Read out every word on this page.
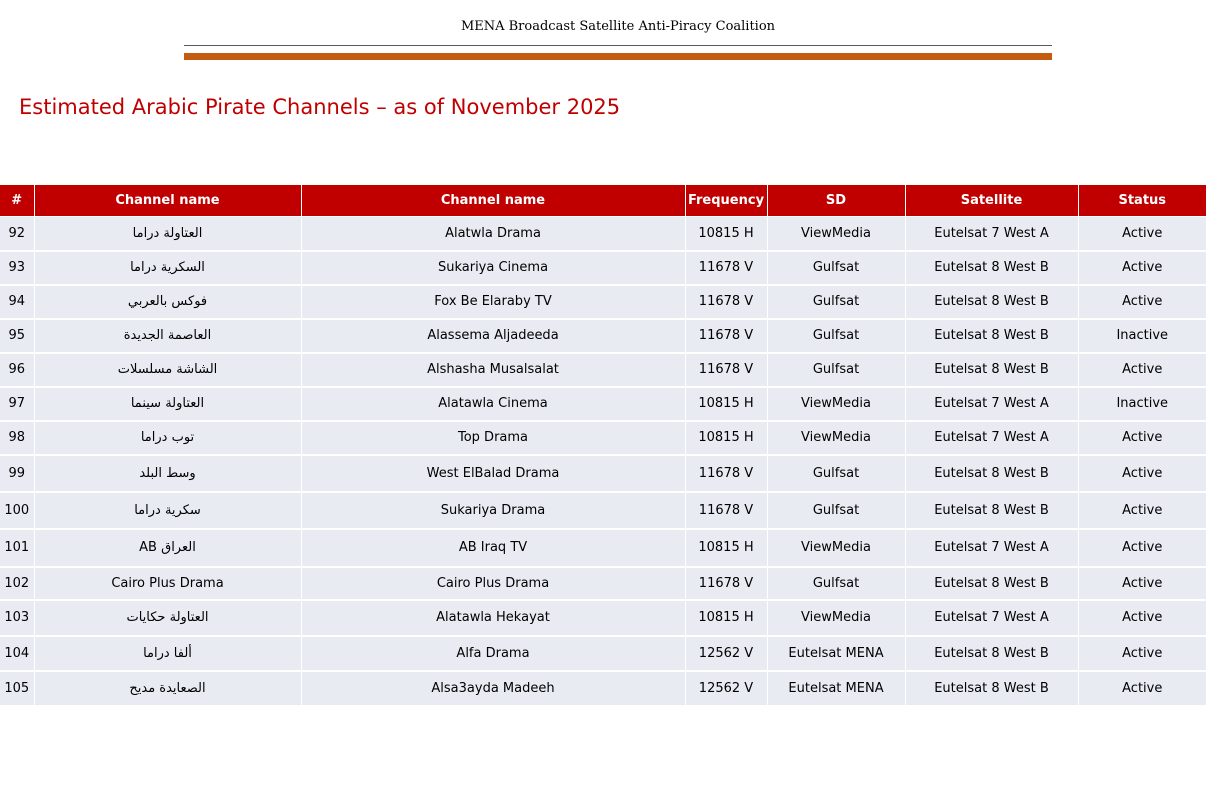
MENA Broadcast Satellite Anti-Piracy Coalition
Estimated Arabic Pirate Channels – as of November 2025
#	Channel name	Channel name	Frequency	SD	Satellite	Status
92	العتاولة دراما	Alatwla Drama	10815 H	ViewMedia	Eutelsat 7 West A	Active
93	السكرية دراما	Sukariya Cinema	11678 V	Gulfsat	Eutelsat 8 West B	Active
94	فوكس بالعربي	Fox Be Elaraby TV	11678 V	Gulfsat	Eutelsat 8 West B	Active
95	العاصمة الجديدة	Alassema Aljadeeda	11678 V	Gulfsat	Eutelsat 8 West B	Inactive
96	الشاشة مسلسلات	Alshasha Musalsalat	11678 V	Gulfsat	Eutelsat 8 West B	Active
97	العتاولة سينما	Alatawla Cinema	10815 H	ViewMedia	Eutelsat 7 West A	Inactive
98	توب دراما	Top Drama	10815 H	ViewMedia	Eutelsat 7 West A	Active
99	وسط البلد	West ElBalad Drama	11678 V	Gulfsat	Eutelsat 8 West B	Active
100	سكرية دراما	Sukariya Drama	11678 V	Gulfsat	Eutelsat 8 West B	Active
101	AB العراق	AB Iraq TV	10815 H	ViewMedia	Eutelsat 7 West A	Active
102	Cairo Plus Drama	Cairo Plus Drama	11678 V	Gulfsat	Eutelsat 8 West B	Active
103	العتاولة حكايات	Alatawla Hekayat	10815 H	ViewMedia	Eutelsat 7 West A	Active
104	ألفا دراما	Alfa Drama	12562 V	Eutelsat MENA	Eutelsat 8 West B	Active
105	الصعايدة مديح	Alsa3ayda Madeeh	12562 V	Eutelsat MENA	Eutelsat 8 West B	Active
